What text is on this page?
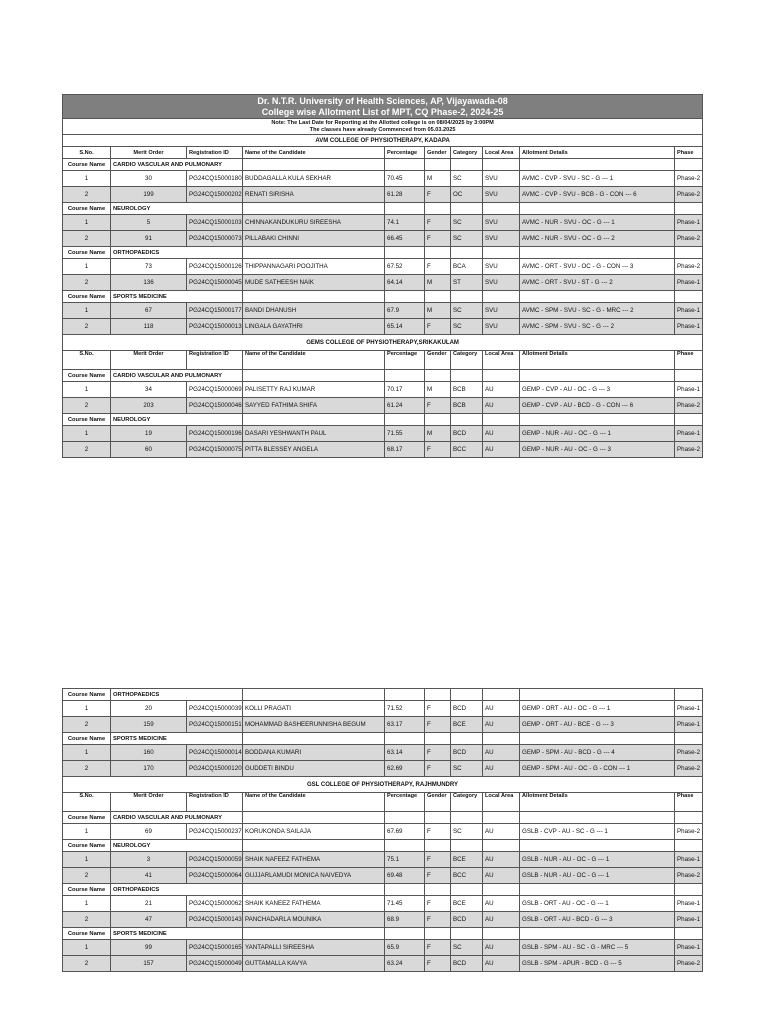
Dr. N.T.R. University of Health Sciences, AP, Vijayawada-08
College wise Allotment List of MPT, CQ Phase-2, 2024-25									

Note: The Last Date for Reporting at the Allotted college is on 08/04/2025 by 3:00PM
The classes have already Commenced from 05.03.2025									

AVM COLLEGE OF PHYSIOTHERAPY, KADAPA									
S.No.	Merit Order	Registration ID	Name of the Candidate	Percentage	Gender	Category	Local Area	Allotment Details	Phase
Course Name	CARDIO VASCULAR AND PULMONARY								
1	30	PG24CQ15000180	BUDDAGALLA KULA SEKHAR	70.45	M	SC	SVU	AVMC - CVP - SVU - SC - G --- 1	Phase-2
2	199	PG24CQ15000202	RENATI SIRISHA	61.28	F	OC	SVU	AVMC - CVP - SVU - BCB - G - CON --- 6	Phase-2
Course Name	NEUROLOGY								
1	5	PG24CQ15000103	CHINNAKANDUKURU SIREESHA	74.1	F	SC	SVU	AVMC - NUR - SVU - OC - G --- 1	Phase-1
2	91	PG24CQ15000073	PILLABAKI CHINNI	66.45	F	SC	SVU	AVMC - NUR - SVU - OC - G --- 2	Phase-2
Course Name	ORTHOPAEDICS								
1	73	PG24CQ15000126	THIPPANNAGARI POOJITHA	67.52	F	BCA	SVU	AVMC - ORT - SVU - OC - G - CON --- 3	Phase-2
2	136	PG24CQ15000045	MUDE SATHEESH NAIK	64.14	M	ST	SVU	AVMC - ORT - SVU - ST - G --- 2	Phase-1
Course Name	SPORTS MEDICINE								
1	67	PG24CQ15000177	BANDI DHANUSH	67.9	M	SC	SVU	AVMC - SPM - SVU - SC - G - MRC --- 2	Phase-1
2	118	PG24CQ15000013	LINGALA GAYATHRI	65.14	F	SC	SVU	AVMC - SPM - SVU - SC - G --- 2	Phase-1
GEMS COLLEGE OF PHYSIOTHERAPY,SRIKAKULAM									
S.No.	Merit Order	Registration ID	Name of the Candidate	Percentage	Gender	Category	Local Area	Allotment Details	Phase
Course Name	CARDIO VASCULAR AND PULMONARY								
1	34	PG24CQ15000069	PALISETTY RAJ KUMAR	70.17	M	BCB	AU	GEMP - CVP - AU - OC - G --- 3	Phase-1
2	203	PG24CQ15000046	SAYYED FATHIMA SHIFA	61.24	F	BCB	AU	GEMP - CVP - AU - BCD - G - CON --- 6	Phase-2
Course Name	NEUROLOGY								
1	19	PG24CQ15000196	DASARI YESHWANTH PAUL	71.55	M	BCD	AU	GEMP - NUR - AU - OC - G --- 1	Phase-1
2	60	PG24CQ15000075	PITTA BLESSEY ANGELA	68.17	F	BCC	AU	GEMP - NUR - AU - OC - G --- 3	Phase-2
Course Name	ORTHOPAEDICS								
1	20	PG24CQ15000039	KOLLI PRAGATI	71.52	F	BCD	AU	GEMP - ORT - AU - OC - G --- 1	Phase-1
2	159	PG24CQ15000151	MOHAMMAD BASHEERUNNISHA BEGUM	63.17	F	BCE	AU	GEMP - ORT - AU - BCE - G --- 3	Phase-1
Course Name	SPORTS MEDICINE								
1	160	PG24CQ15000014	BODDANA KUMARI	63.14	F	BCD	AU	GEMP - SPM - AU - BCD - G --- 4	Phase-2
2	170	PG24CQ15000120	GUDDETI BINDU	62.69	F	SC	AU	GEMP - SPM - AU - OC - G - CON --- 1	Phase-2
GSL COLLEGE OF PHYSIOTHERAPY, RAJHMUNDRY									
S.No.	Merit Order	Registration ID	Name of the Candidate	Percentage	Gender	Category	Local Area	Allotment Details	Phase
Course Name	CARDIO VASCULAR AND PULMONARY								
1	69	PG24CQ15000237	KORUKONDA SAILAJA	67.69	F	SC	AU	GSLB - CVP - AU - SC - G --- 1	Phase-2
Course Name	NEUROLOGY								
1	3	PG24CQ15000059	SHAIK NAFEEZ FATHEMA	75.1	F	BCE	AU	GSLB - NUR - AU - OC - G --- 1	Phase-1
2	41	PG24CQ15000064	GUJJARLAMUDI MONICA NAIVEDYA	69.48	F	BCC	AU	GSLB - NUR - AU - OC - G --- 1	Phase-2
Course Name	ORTHOPAEDICS								
1	21	PG24CQ15000062	SHAIK KANEEZ FATHEMA	71.45	F	BCE	AU	GSLB - ORT - AU - OC - G --- 1	Phase-1
2	47	PG24CQ15000143	PANCHADARLA MOUNIKA	68.9	F	BCD	AU	GSLB - ORT - AU - BCD - G --- 3	Phase-1
Course Name	SPORTS MEDICINE								
1	99	PG24CQ15000165	YANTAPALLI SIREESHA	65.9	F	SC	AU	GSLB - SPM - AU - SC - G - MRC --- 5	Phase-1
2	157	PG24CQ15000049	GUTTAMALLA KAVYA	63.24	F	BCD	AU	GSLB - SPM - APUR - BCD - G --- 5	Phase-2
